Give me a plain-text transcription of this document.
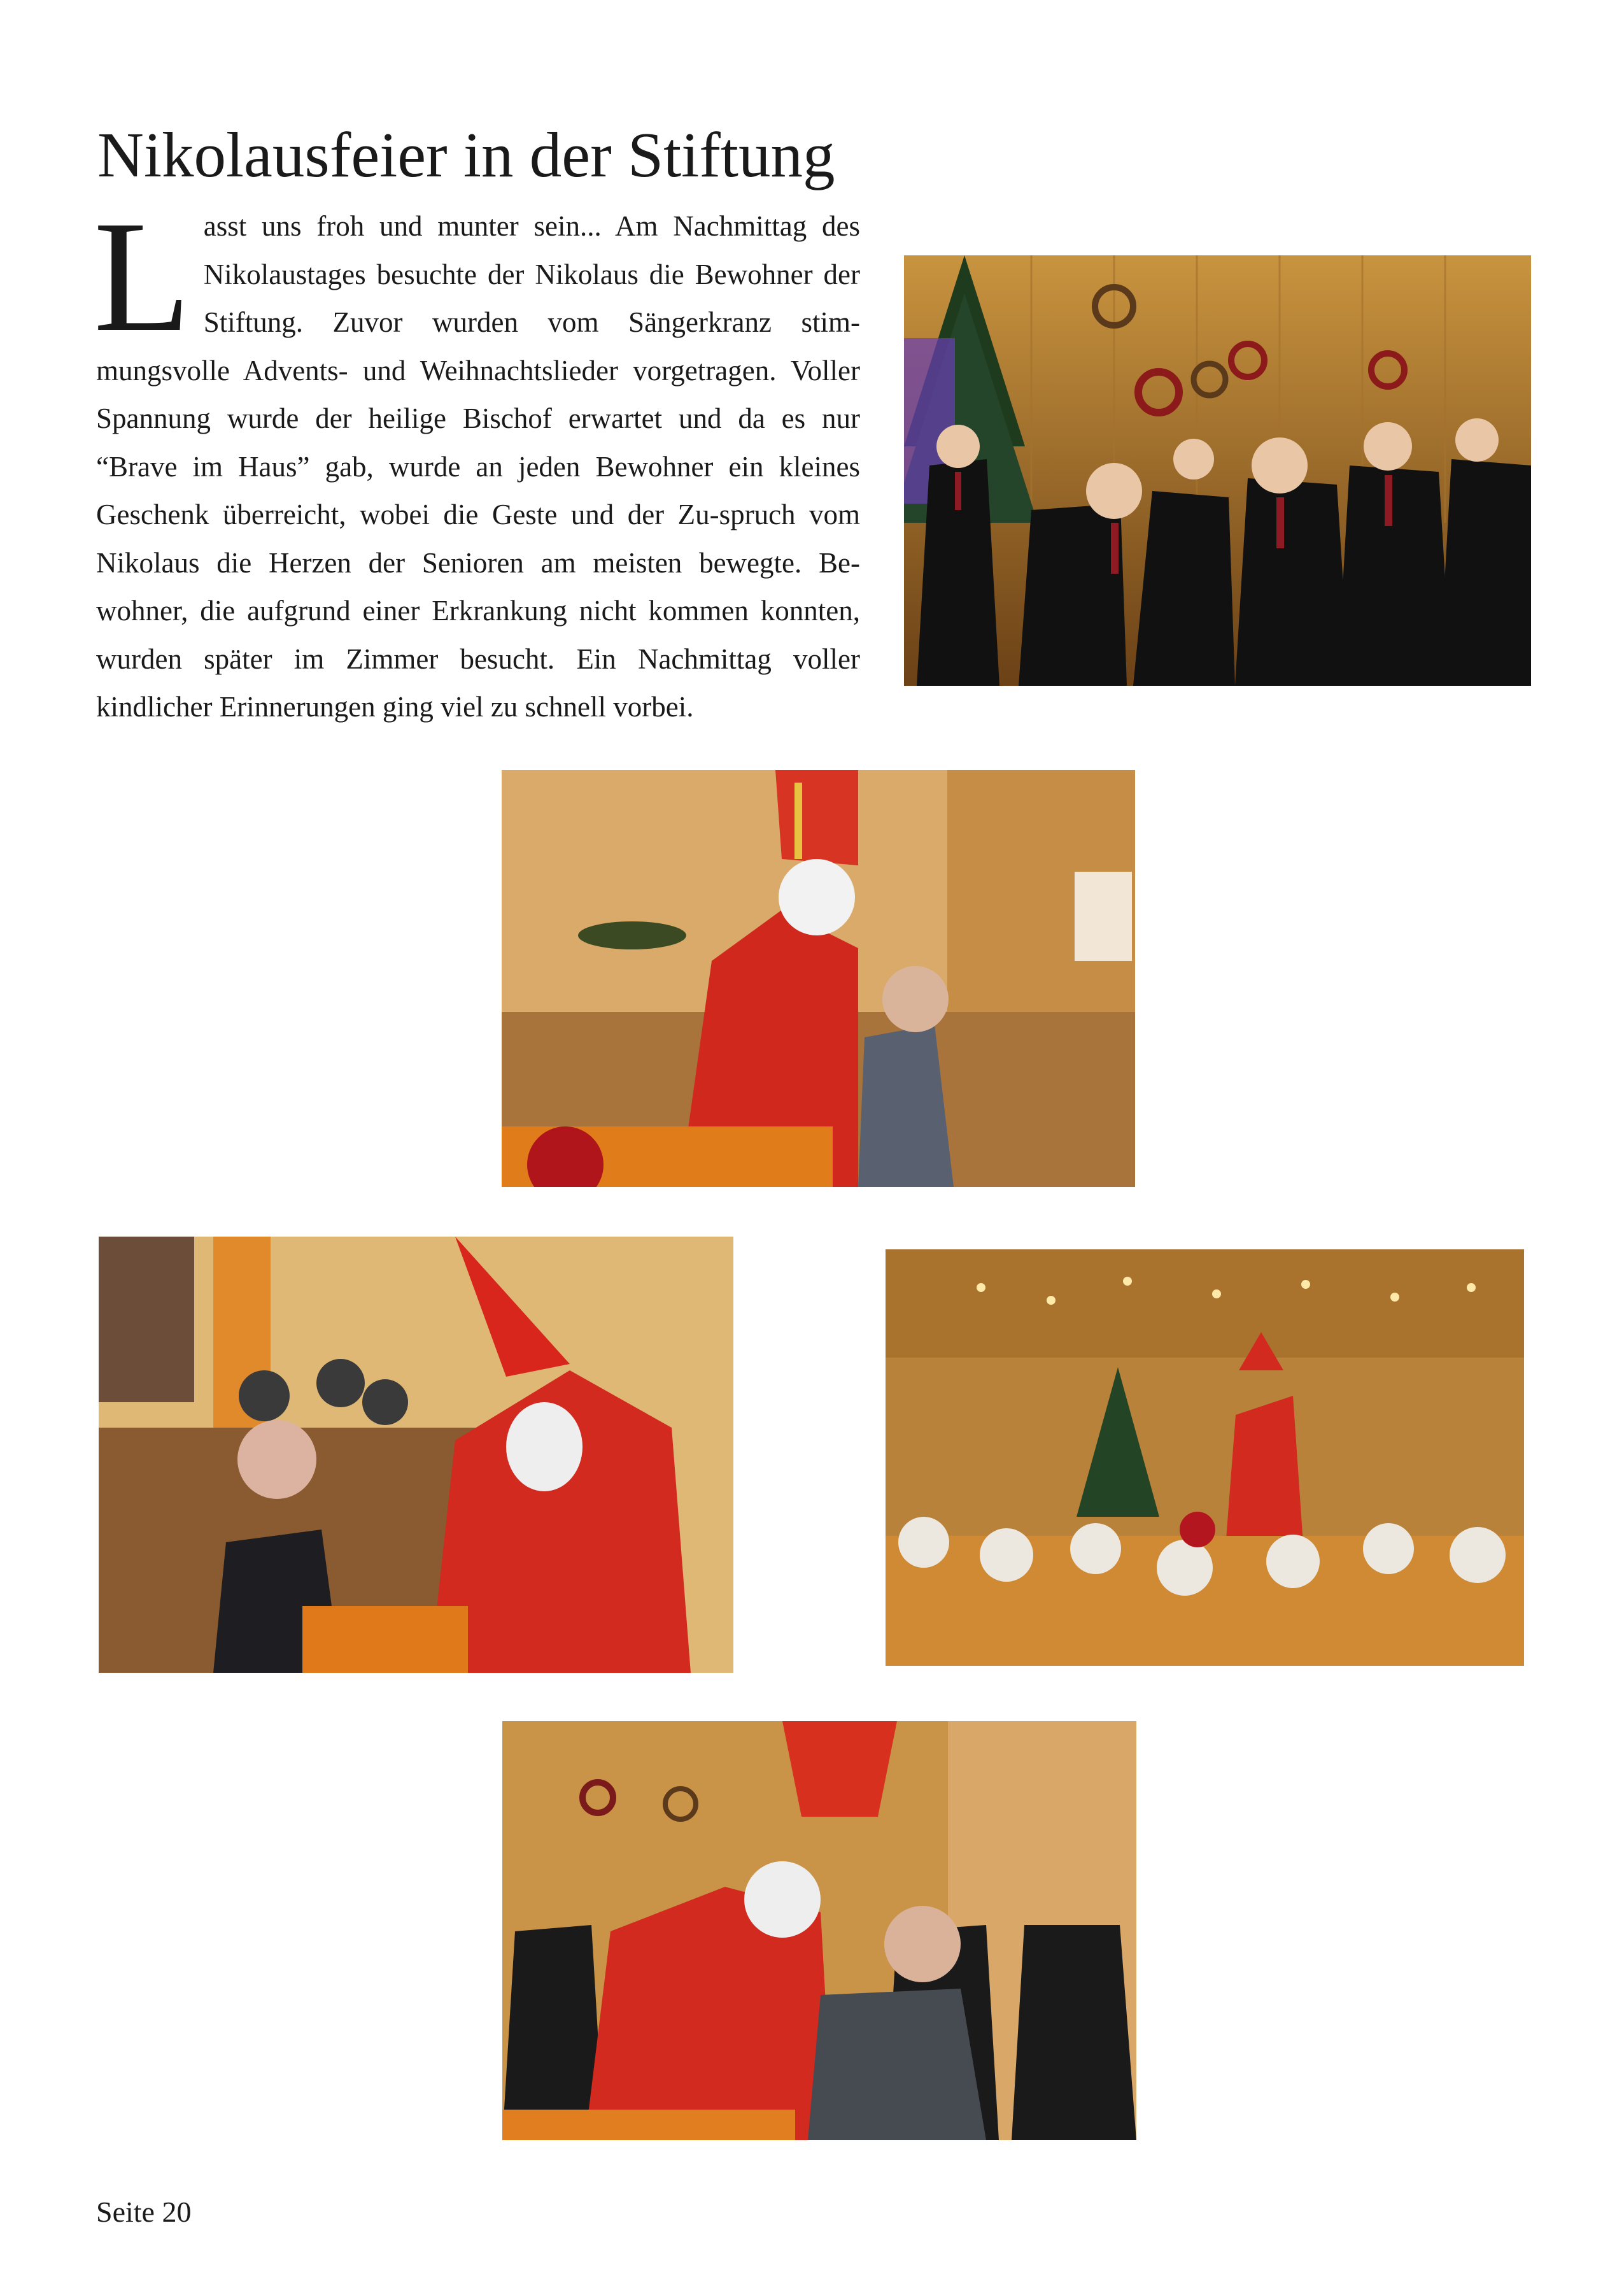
Nikolausfeier in der Stiftung
L asst uns froh und munter sein... Am Nachmittag des Nikolaustages besuchte der Nikolaus die Bewohner der Stiftung. Zuvor wurden vom Sängerkranz stimmungsvolle Advents- und Weihnachtslieder vorgetragen. Voller Spannung wurde der heilige Bischof erwartet und da es nur “Brave im Haus” gab, wurde an jeden Bewohner ein kleines Geschenk überreicht, wobei die Geste und der Zu-spruch vom Nikolaus die Herzen der Senioren am meisten bewegte. Bewohner, die aufgrund einer Erkrankung nicht kommen konnten, wurden später im Zimmer besucht. Ein Nachmittag voller kindlicher Erinnerungen ging viel zu schnell vorbei.
Seite 20
